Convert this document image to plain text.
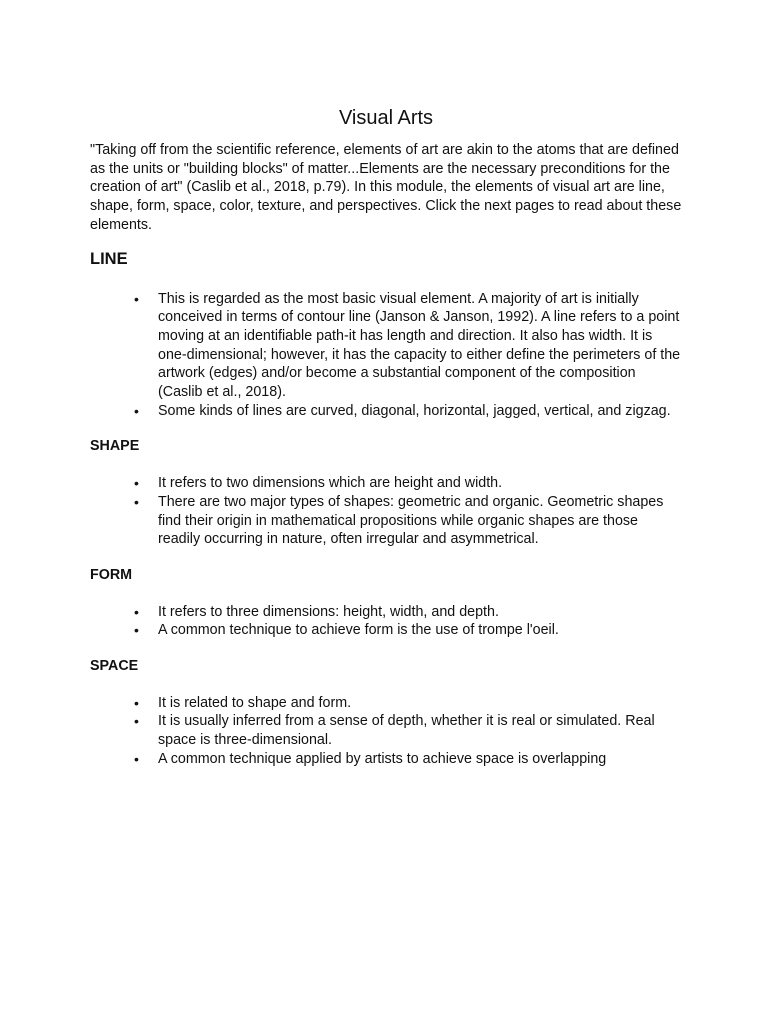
Visual Arts

"Taking off from the scientific reference, elements of art are akin to the atoms that are defined as the units or "building blocks" of matter...Elements are the necessary preconditions for the creation of art" (Caslib et al., 2018, p.79). In this module, the elements of visual art are line, shape, form, space, color, texture, and perspectives. Click the next pages to read about these elements.

LINE
• This is regarded as the most basic visual element. A majority of art is initially conceived in terms of contour line (Janson & Janson, 1992). A line refers to a point moving at an identifiable path-it has length and direction. It also has width. It is one-dimensional; however, it has the capacity to either define the perimeters of the artwork (edges) and/or become a substantial component of the composition (Caslib et al., 2018).
• Some kinds of lines are curved, diagonal, horizontal, jagged, vertical, and zigzag.
SHAPE
• It refers to two dimensions which are height and width.
• There are two major types of shapes: geometric and organic. Geometric shapes find their origin in mathematical propositions while organic shapes are those readily occurring in nature, often irregular and asymmetrical.
FORM
• It refers to three dimensions: height, width, and depth.
• A common technique to achieve form is the use of trompe l'oeil.
SPACE
• It is related to shape and form.
• It is usually inferred from a sense of depth, whether it is real or simulated. Real space is three-dimensional.
• A common technique applied by artists to achieve space is overlapping
